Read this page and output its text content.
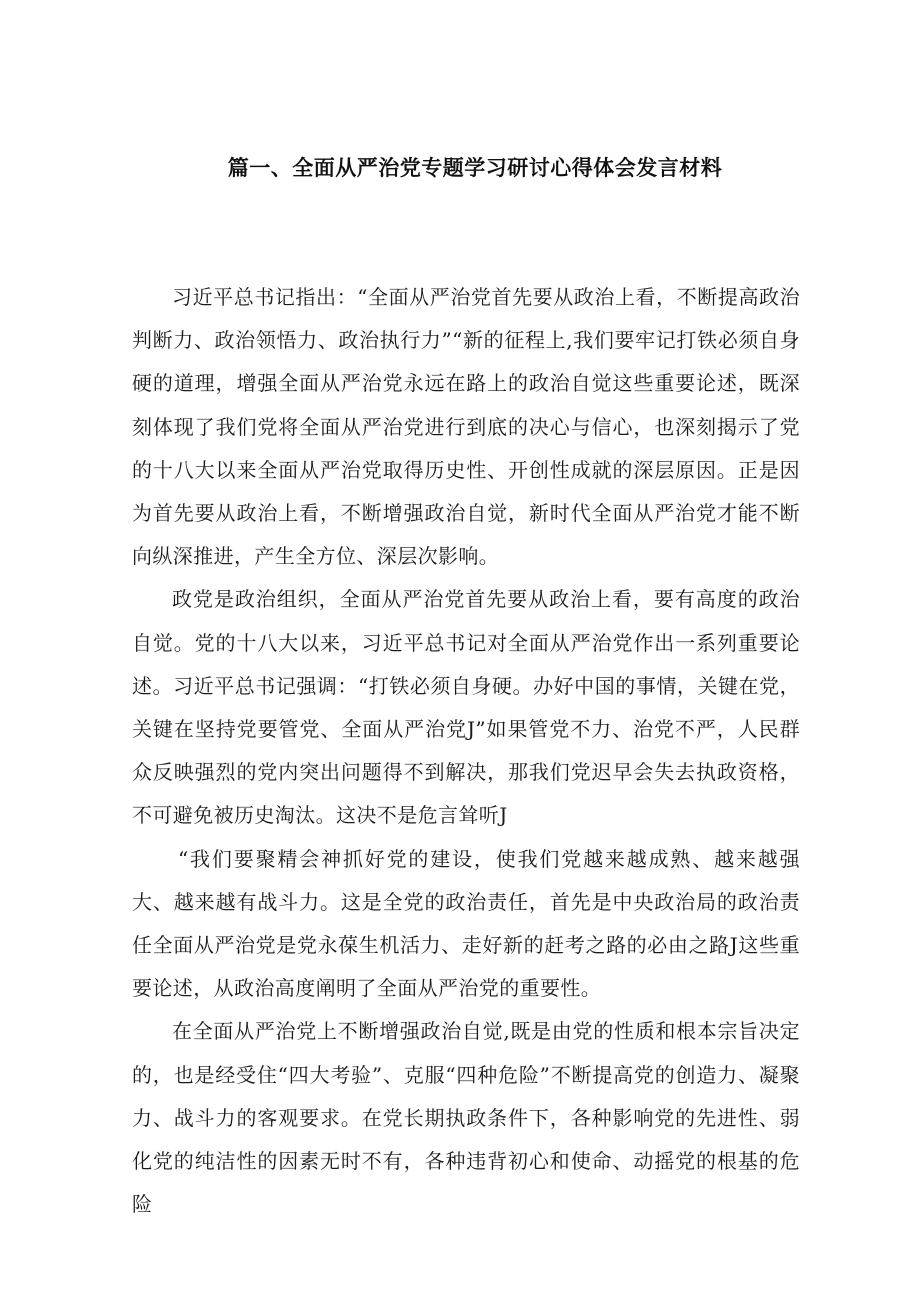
篇一、全面从严治党专题学习研讨心得体会发言材料

习近平总书记指出：“全面从严治党首先要从政治上看，不断提高政治判断力、政治领悟力、政治执行力”“新的征程上,我们要牢记打铁必须自身硬的道理，增强全面从严治党永远在路上的政治自觉这些重要论述，既深刻体现了我们党将全面从严治党进行到底的决心与信心，也深刻揭示了党的十八大以来全面从严治党取得历史性、开创性成就的深层原因。正是因为首先要从政治上看，不断增强政治自觉，新时代全面从严治党才能不断向纵深推进，产生全方位、深层次影响。

政党是政治组织，全面从严治党首先要从政治上看，要有高度的政治自觉。党的十八大以来，习近平总书记对全面从严治党作出一系列重要论述。习近平总书记强调：“打铁必须自身硬。办好中国的事情，关键在党，关键在坚持党要管党、全面从严治党J”如果管党不力、治党不严，人民群众反映强烈的党内突出问题得不到解决，那我们党迟早会失去执政资格，不可避免被历史淘汰。这决不是危言耸听J

“我们要聚精会神抓好党的建设，使我们党越来越成熟、越来越强大、越来越有战斗力。这是全党的政治责任，首先是中央政治局的政治责任全面从严治党是党永葆生机活力、走好新的赶考之路的必由之路J这些重要论述，从政治高度阐明了全面从严治党的重要性。

在全面从严治党上不断增强政治自觉,既是由党的性质和根本宗旨决定的，也是经受住“四大考验”、克服“四种危险”不断提高党的创造力、凝聚力、战斗力的客观要求。在党长期执政条件下，各种影响党的先进性、弱化党的纯洁性的因素无时不有，各种违背初心和使命、动摇党的根基的危险
